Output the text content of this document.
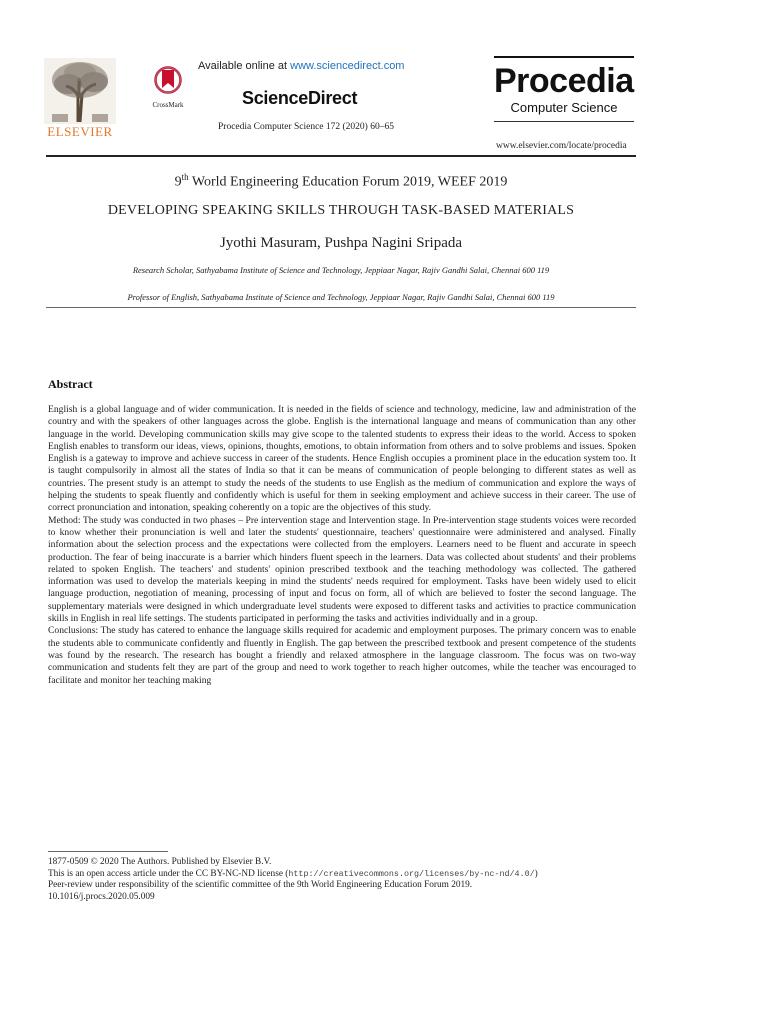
ELSEVIER
CrossMark
Available online at www.sciencedirect.com
ScienceDirect
Procedia Computer Science 172 (2020) 60–65
Procedia
Computer Science
www.elsevier.com/locate/procedia
9th World Engineering Education Forum 2019, WEEF 2019
DEVELOPING SPEAKING SKILLS THROUGH TASK-BASED MATERIALS
Jyothi Masuram, Pushpa Nagini Sripada
Research Scholar, Sathyabama Institute of Science and Technology, Jeppiaar Nagar, Rajiv Gandhi Salai, Chennai 600 119
Professor of English, Sathyabama Institute of Science and Technology, Jeppiaar Nagar, Rajiv Gandhi Salai, Chennai 600 119
Abstract

English is a global language and of wider communication. It is needed in the fields of science and technology, medicine, law and administration of the country and with the speakers of other languages across the globe. English is the international language and means of communication than any other language in the world. Developing communication skills may give scope to the talented students to express their ideas to the world. Access to spoken English enables to transform our ideas, views, opinions, thoughts, emotions, to obtain information from others and to solve problems and issues. Spoken English is a gateway to improve and achieve success in career of the students. Hence English occupies a prominent place in the education system too. It is taught compulsorily in almost all the states of India so that it can be means of communication of people belonging to different states as well as countries. The present study is an attempt to study the needs of the students to use English as the medium of communication and explore the ways of helping the students to speak fluently and confidently which is useful for them in seeking employment and achieve success in their career. The use of correct pronunciation and intonation, speaking coherently on a topic are the objectives of this study.

Method: The study was conducted in two phases – Pre intervention stage and Intervention stage. In Pre-intervention stage students voices were recorded to know whether their pronunciation is well and later the students' questionnaire, teachers' questionnaire were administered and analysed. Finally information about the selection process and the expectations were collected from the employers. Learners need to be fluent and accurate in speech production. The fear of being inaccurate is a barrier which hinders fluent speech in the learners. Data was collected about students' and their problems related to spoken English. The teachers' and students' opinion prescribed textbook and the teaching methodology was collected. The gathered information was used to develop the materials keeping in mind the students' needs required for employment. Tasks have been widely used to elicit language production, negotiation of meaning, processing of input and focus on form, all of which are believed to foster the second language. The supplementary materials were designed in which undergraduate level students were exposed to different tasks and activities to practice communication skills in English in real life settings. The students participated in performing the tasks and activities individually and in a group.

Conclusions: The study has catered to enhance the language skills required for academic and employment purposes. The primary concern was to enable the students able to communicate confidently and fluently in English. The gap between the prescribed textbook and present competence of the students was found by the research. The research has bought a friendly and relaxed atmosphere in the language classroom. The focus was on two-way communication and students felt they are part of the group and need to work together to reach higher outcomes, while the teacher was encouraged to facilitate and monitor her teaching making

1877-0509 © 2020 The Authors. Published by Elsevier B.V.
This is an open access article under the CC BY-NC-ND license (http://creativecommons.org/licenses/by-nc-nd/4.0/)
Peer-review under responsibility of the scientific committee of the 9th World Engineering Education Forum 2019.
10.1016/j.procs.2020.05.009
